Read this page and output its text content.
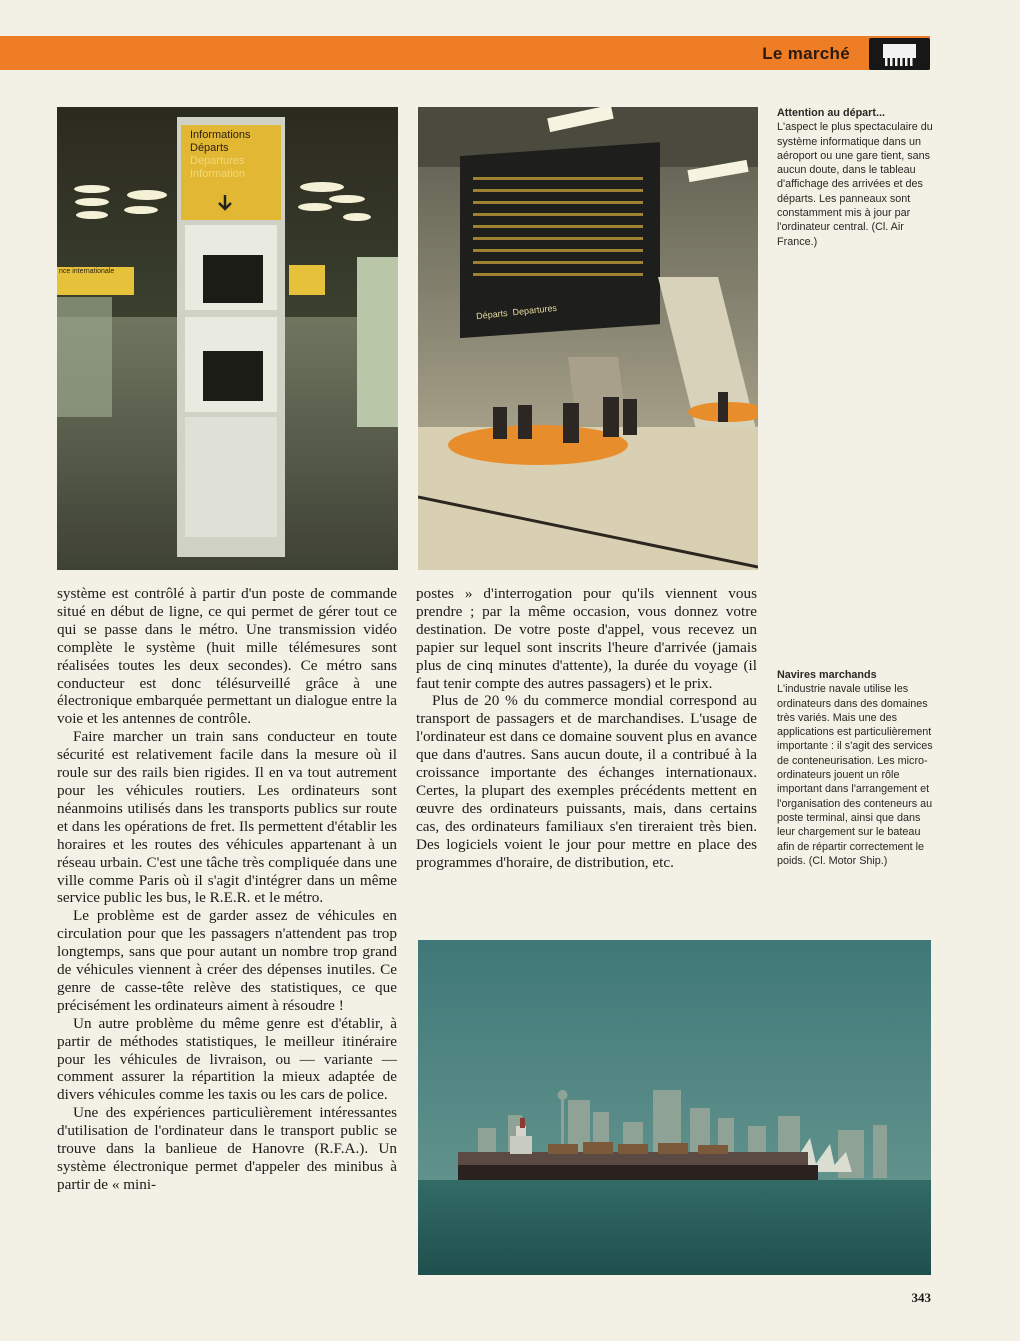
Le marché
Informations
Départs
Departures
Information
nce internationale
Départs Departures
Attention au départ...
L'aspect le plus spectaculaire du système informatique dans un aéroport ou une gare tient, sans aucun doute, dans le tableau d'affichage des arrivées et des départs. Les panneaux sont constamment mis à jour par l'ordinateur central. (Cl. Air France.)
Navires marchands
L'industrie navale utilise les ordinateurs dans des domaines très variés. Mais une des applications est particulièrement importante : il s'agit des services de conteneurisation. Les micro-ordinateurs jouent un rôle important dans l'arrangement et l'organisation des conteneurs au poste terminal, ainsi que dans leur chargement sur le bateau afin de répartir correctement le poids. (Cl. Motor Ship.)

système est contrôlé à partir d'un poste de commande situé en début de ligne, ce qui permet de gérer tout ce qui se passe dans le métro. Une transmission vidéo complète le système (huit mille télémesures sont réalisées toutes les deux secondes). Ce métro sans conducteur est donc télésurveillé grâce à une électronique embarquée permettant un dialogue entre la voie et les antennes de contrôle.

Faire marcher un train sans conducteur en toute sécurité est relativement facile dans la mesure où il roule sur des rails bien rigides. Il en va tout autrement pour les véhicules routiers. Les ordinateurs sont néanmoins utilisés dans les transports publics sur route et dans les opérations de fret. Ils permettent d'établir les horaires et les routes des véhicules appartenant à un réseau urbain. C'est une tâche très compliquée dans une ville comme Paris où il s'agit d'intégrer dans un même service public les bus, le R.E.R. et le métro.

Le problème est de garder assez de véhicules en circulation pour que les passagers n'attendent pas trop longtemps, sans que pour autant un nombre trop grand de véhicules viennent à créer des dépenses inutiles. Ce genre de casse-tête relève des statistiques, ce que précisément les ordinateurs aiment à résoudre !

Un autre problème du même genre est d'établir, à partir de méthodes statistiques, le meilleur itinéraire pour les véhicules de livraison, ou — variante — comment assurer la répartition la mieux adaptée de divers véhicules comme les taxis ou les cars de police.

Une des expériences particulièrement intéressantes d'utilisation de l'ordinateur dans le transport public se trouve dans la banlieue de Hanovre (R.F.A.). Un système électronique permet d'appeler des minibus à partir de « mini-

postes » d'interrogation pour qu'ils viennent vous prendre ; par la même occasion, vous donnez votre destination. De votre poste d'appel, vous recevez un papier sur lequel sont inscrits l'heure d'arrivée (jamais plus de cinq minutes d'attente), la durée du voyage (il faut tenir compte des autres passagers) et le prix.

Plus de 20 % du commerce mondial correspond au transport de passagers et de marchandises. L'usage de l'ordinateur est dans ce domaine souvent plus en avance que dans d'autres. Sans aucun doute, il a contribué à la croissance importante des échanges internationaux. Certes, la plupart des exemples précédents mettent en œuvre des ordinateurs puissants, mais, dans certains cas, des ordinateurs familiaux s'en tireraient très bien. Des logiciels voient le jour pour mettre en place des programmes d'horaire, de distribution, etc.

343
